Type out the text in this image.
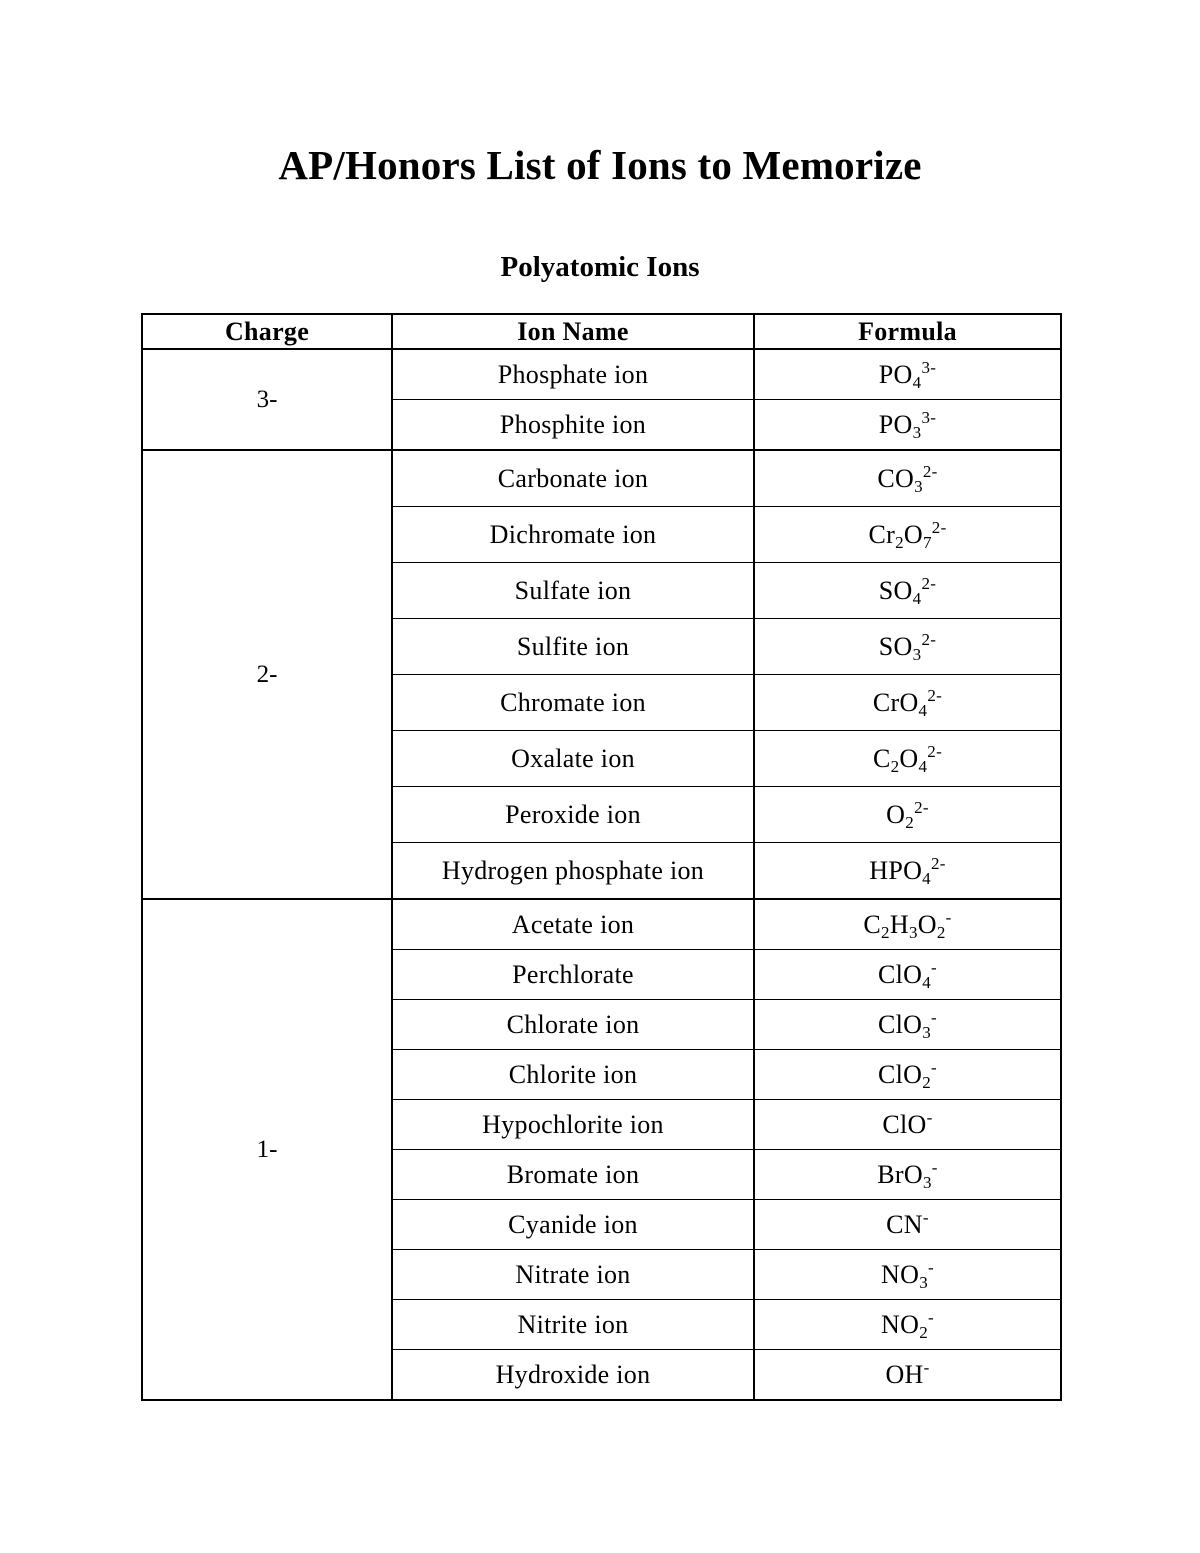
AP/Honors List of Ions to Memorize
Polyatomic Ions
Charge	Ion Name	Formula
3-	Phosphate ion	$PO_4^{3-}$
	Phosphite ion	$PO_3^{3-}$
2-	Carbonate ion	$CO_3^{2-}$
	Dichromate ion	$Cr_2O_7^{2-}$
	Sulfate ion	$SO_4^{2-}$
	Sulfite ion	$SO_3^{2-}$
	Chromate ion	CrO$_4^{2-}$
	Oxalate ion	$C_2O_4^{2-}$
	Peroxide ion	$O_2^{2-}$
	Hydrogen phosphate ion	$HPO_4^{2-}$
1-	Acetate ion	$C_2H_3O_2^-$
	Perchlorate	ClO$_4$-
	Chlorate ion	ClO$_3$-
	Chlorite ion	ClO$_2$-
	Hypochlorite ion	ClO-
	Bromate ion	BrO$_3$-
	Cyanide ion	CN-
	Nitrate ion	$NO_3^-$
	Nitrite ion	$NO_2^-$
	Hydroxide ion	OH-
